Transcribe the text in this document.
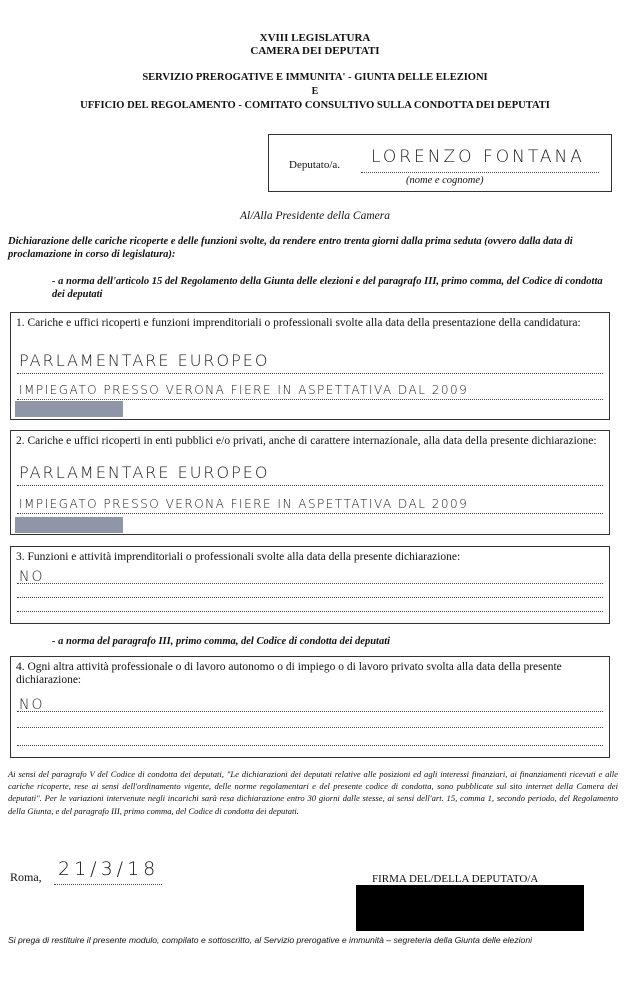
XVIII LEGISLATURA
CAMERA DEI DEPUTATI
SERVIZIO PREROGATIVE E IMMUNITA' - GIUNTA DELLE ELEZIONI
E
UFFICIO DEL REGOLAMENTO - COMITATO CONSULTIVO SULLA CONDOTTA DEI DEPUTATI
Deputato/a. LORENZO FONTANA
(nome e cognome)
Al/Alla Presidente della Camera
Dichiarazione delle cariche ricoperte e delle funzioni svolte, da rendere entro trenta giorni dalla prima seduta (ovvero dalla data di proclamazione in corso di legislatura):
- a norma dell'articolo 15 del Regolamento della Giunta delle elezioni e del paragrafo III, primo comma, del Codice di condotta dei deputati
1. Cariche e uffici ricoperti e funzioni imprenditoriali o professionali svolte alla data della presentazione della candidatura:
PARLAMENTARE EUROPEO
IMPIEGATO PRESSO VERONA FIERE IN ASPETTATIVA DAL 2009
2. Cariche e uffici ricoperti in enti pubblici e/o privati, anche di carattere internazionale, alla data della presente dichiarazione:
PARLAMENTARE EUROPEO
IMPIEGATO PRESSO VERONA FIERE IN ASPETTATIVA DAL 2009
3. Funzioni e attività imprenditoriali o professionali svolte alla data della presente dichiarazione:
NO
- a norma del paragrafo III, primo comma, del Codice di condotta dei deputati
4. Ogni altra attività professionale o di lavoro autonomo o di impiego o di lavoro privato svolta alla data della presente dichiarazione:
NO
Ai sensi del paragrafo V del Codice di condotta dei deputati, "Le dichiarazioni dei deputati relative alle posizioni ed agli interessi finanziari, ai finanziamenti ricevuti e alle cariche ricoperte, rese ai sensi dell'ordinamento vigente, delle norme regolamentari e del presente codice di condotta, sono pubblicate sul sito internet della Camera dei deputati". Per le variazioni intervenute negli incarichi sarà resa dichiarazione entro 30 giorni dalle stesse, ai sensi dell'art. 15, comma 1, secondo periodo, del Regolamento della Giunta, e del paragrafo III, primo comma, del Codice di condotta dei deputati.
Roma, 21/3/18	FIRMA DEL/DELLA DEPUTATO/A
Si prega di restituire il presente modulo, compilato e sottoscritto, al Servizio prerogative e immunità – segreteria della Giunta delle elezioni
